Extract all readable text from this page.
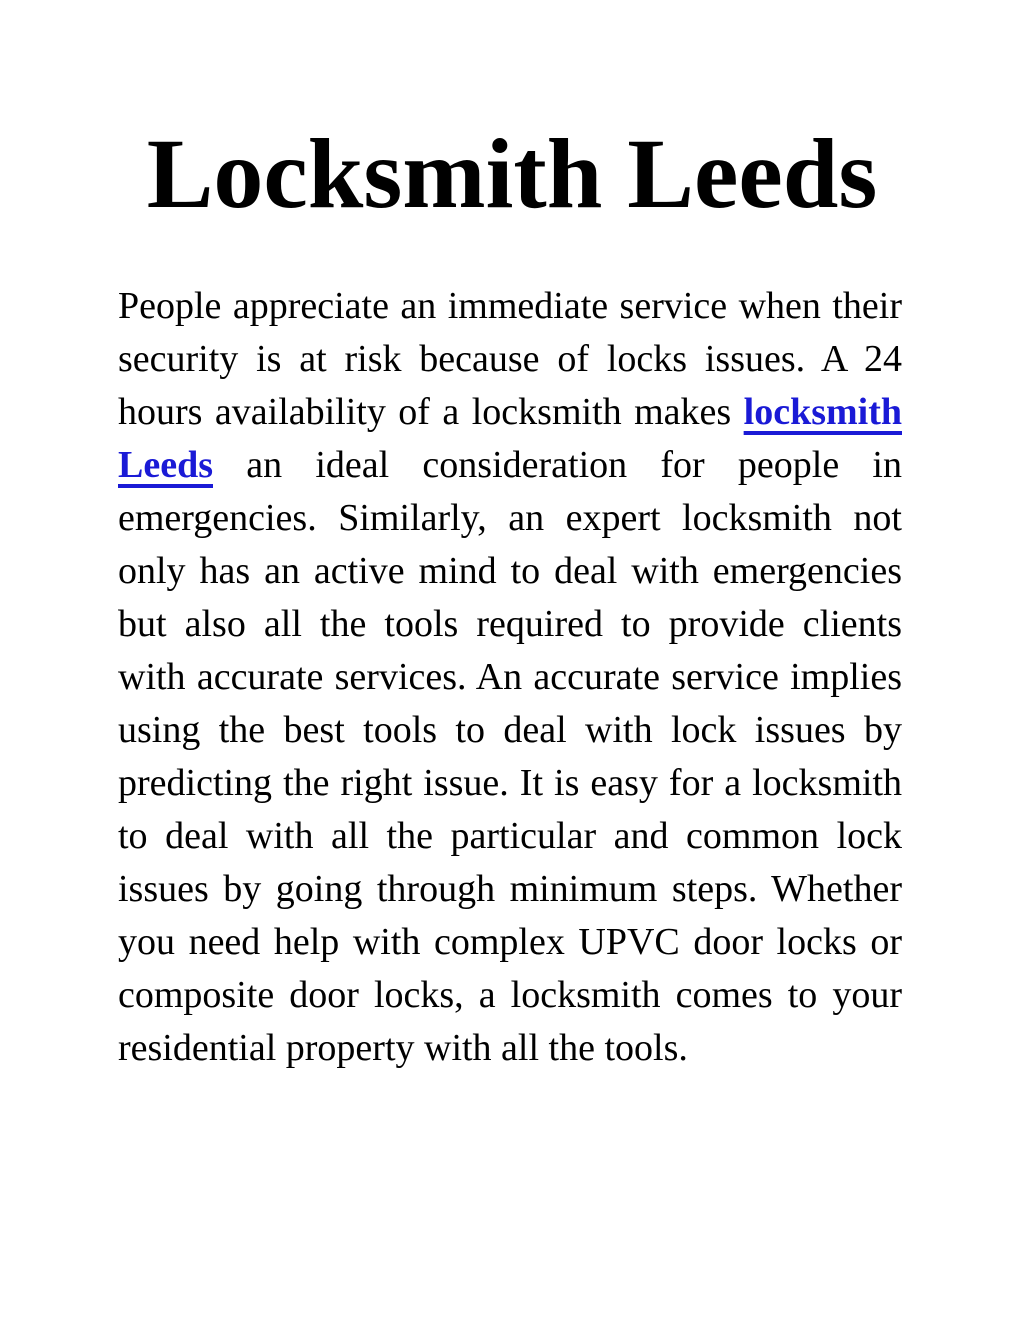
Locksmith Leeds

People appreciate an immediate service when their security is at risk because of locks issues. A 24 hours availability of a locksmith makes locksmith Leeds an ideal consideration for people in emergencies. Similarly, an expert locksmith not only has an active mind to deal with emergencies but also all the tools required to provide clients with accurate services. An accurate service implies using the best tools to deal with lock issues by predicting the right issue. It is easy for a locksmith to deal with all the particular and common lock issues by going through minimum steps. Whether you need help with complex UPVC door locks or composite door locks, a locksmith comes to your residential property with all the tools.
